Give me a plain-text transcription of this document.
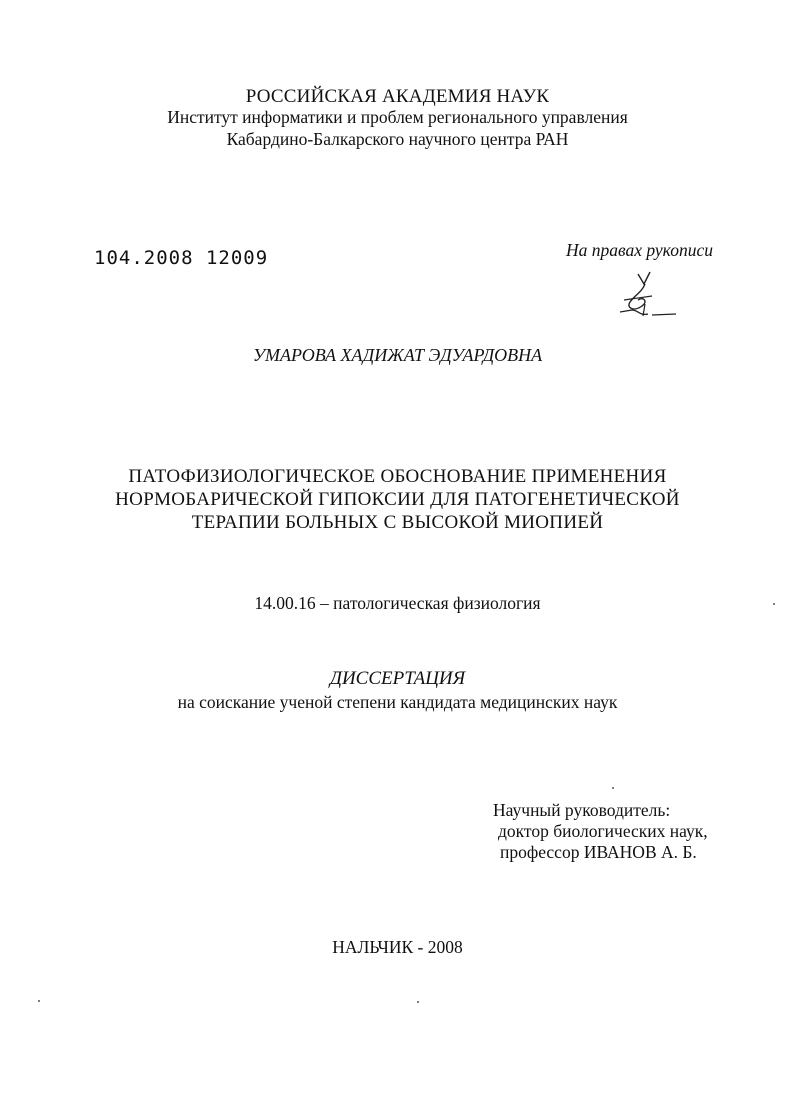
РОССИЙСКАЯ АКАДЕМИЯ НАУК
Институт информатики и проблем регионального управления
Кабардино-Балкарского научного центра РАН
104.2008 12009	На правах рукописи
УМАРОВА ХАДИЖАТ ЭДУАРДОВНА
ПАТОФИЗИОЛОГИЧЕСКОЕ ОБОСНОВАНИЕ ПРИМЕНЕНИЯ
НОРМОБАРИЧЕСКОЙ ГИПОКСИИ ДЛЯ ПАТОГЕНЕТИЧЕСКОЙ
ТЕРАПИИ БОЛЬНЫХ С ВЫСОКОЙ МИОПИЕЙ
14.00.16 – патологическая физиология
ДИССЕРТАЦИЯ
на соискание ученой степени кандидата медицинских наук
Научный руководитель:
доктор биологических наук,
профессор ИВАНОВ А. Б.
НАЛЬЧИК - 2008
